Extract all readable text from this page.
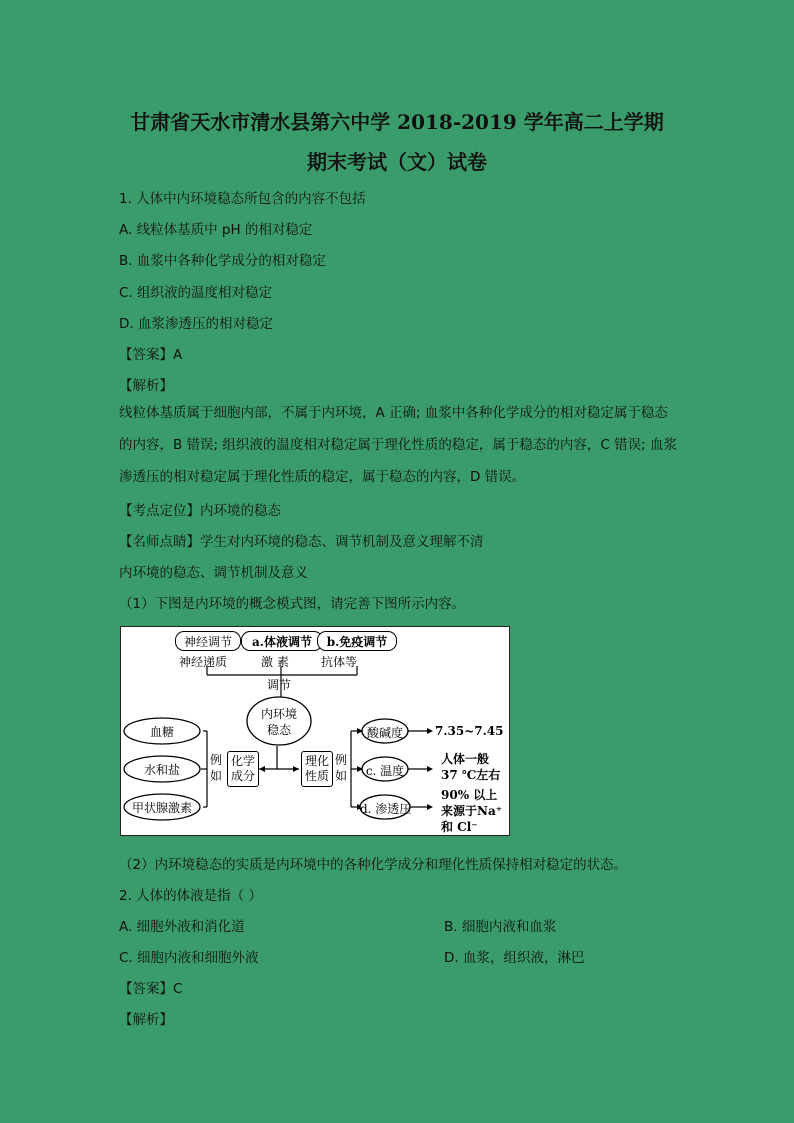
甘肃省天水市清水县第六中学 2018-2019 学年高二上学期
期末考试（文）试卷
1. 人体中内环境稳态所包含的内容不包括
A. 线粒体基质中 pH 的相对稳定
B. 血浆中各种化学成分的相对稳定
C. 组织液的温度相对稳定
D. 血浆渗透压的相对稳定
【答案】A
【解析】
线粒体基质属于细胞内部，不属于内环境，A 正确; 血浆中各种化学成分的相对稳定属于稳态的内容，B 错误; 组织液的温度相对稳定属于理化性质的稳定，属于稳态的内容，C 错误; 血浆渗透压的相对稳定属于理化性质的稳定，属于稳态的内容，D 错误。
【考点定位】内环境的稳态
【名师点睛】学生对内环境的稳态、调节机制及意义理解不清
内环境的稳态、调节机制及意义
（1）下图是内环境的概念模式图，请完善下图所示内容。
神经调节 a.体液调节 b.免疫调节
神经递质	激 素	抗体等
调节
内环境
稳态
血糖
水和盐
甲状腺激素
例
如
化学
成分
理化
性质
例
如
酸碱度
c. 温度
d. 渗透压
7.35~7.45
人体一般
37 ℃左右
90% 以上
来源于Na⁺
和 Cl⁻
（2）内环境稳态的实质是内环境中的各种化学成分和理化性质保持相对稳定的状态。
2. 人体的体液是指（ ）
A. 细胞外液和消化道	B. 细胞内液和血浆
C. 细胞内液和细胞外液	D. 血浆，组织液，淋巴
【答案】C
【解析】
